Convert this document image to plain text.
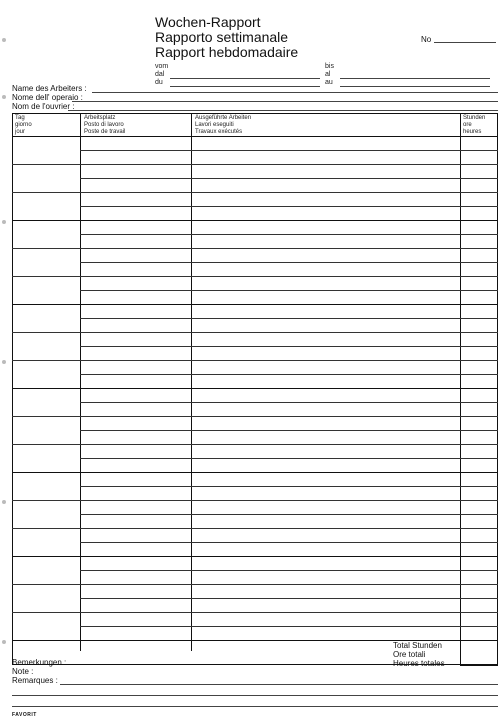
Wochen-Rapport
Rapporto settimanale
Rapport hebdomadaire
No
vom
dal
du
bis
al
au
Name des Arbeiters :
Nome dell' operaio :
Nom de l'ouvrier :
Tag
giorno
jour
Arbeitsplatz
Posto di lavoro
Poste de travail
Ausgeführte Arbeiten
Lavori eseguiti
Travaux exécutés
Stunden
ore
heures
Total Stunden
Ore totali
Heures totales
Bemerkungen :
Note :
Remarques :
FAVORIT
